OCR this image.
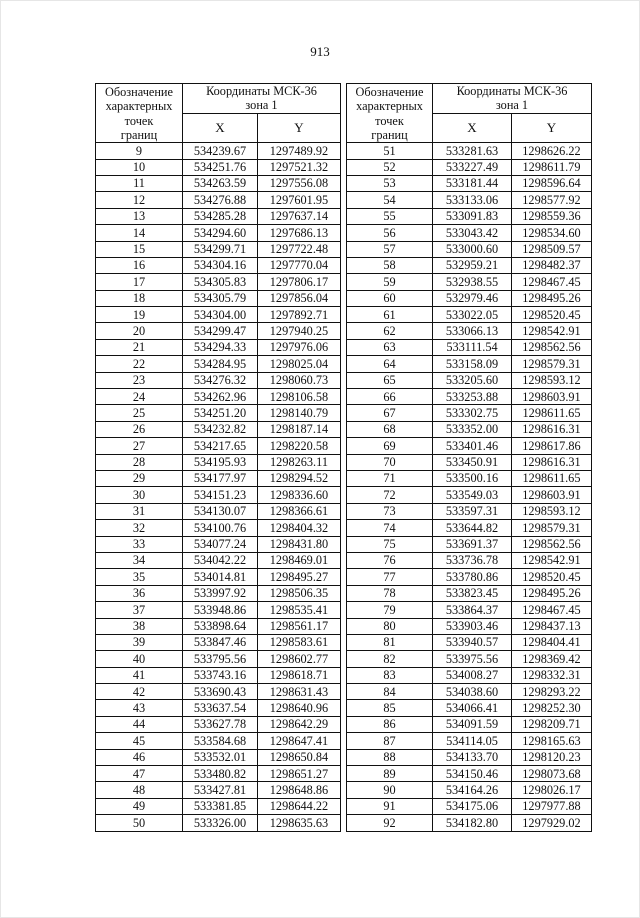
913
Обозначение
характерных
точек
границ	Координаты МСК-36
зона 1			Обозначение
характерных
точек
границ	Координаты МСК-36
зона 1	

	X	Y			X	Y
9	534239.67	1297489.92		51	533281.63	1298626.22
10	534251.76	1297521.32		52	533227.49	1298611.79
11	534263.59	1297556.08		53	533181.44	1298596.64
12	534276.88	1297601.95		54	533133.06	1298577.92
13	534285.28	1297637.14		55	533091.83	1298559.36
14	534294.60	1297686.13		56	533043.42	1298534.60
15	534299.71	1297722.48		57	533000.60	1298509.57
16	534304.16	1297770.04		58	532959.21	1298482.37
17	534305.83	1297806.17		59	532938.55	1298467.45
18	534305.79	1297856.04		60	532979.46	1298495.26
19	534304.00	1297892.71		61	533022.05	1298520.45
20	534299.47	1297940.25		62	533066.13	1298542.91
21	534294.33	1297976.06		63	533111.54	1298562.56
22	534284.95	1298025.04		64	533158.09	1298579.31
23	534276.32	1298060.73		65	533205.60	1298593.12
24	534262.96	1298106.58		66	533253.88	1298603.91
25	534251.20	1298140.79		67	533302.75	1298611.65
26	534232.82	1298187.14		68	533352.00	1298616.31
27	534217.65	1298220.58		69	533401.46	1298617.86
28	534195.93	1298263.11		70	533450.91	1298616.31
29	534177.97	1298294.52		71	533500.16	1298611.65
30	534151.23	1298336.60		72	533549.03	1298603.91
31	534130.07	1298366.61		73	533597.31	1298593.12
32	534100.76	1298404.32		74	533644.82	1298579.31
33	534077.24	1298431.80		75	533691.37	1298562.56
34	534042.22	1298469.01		76	533736.78	1298542.91
35	534014.81	1298495.27		77	533780.86	1298520.45
36	533997.92	1298506.35		78	533823.45	1298495.26
37	533948.86	1298535.41		79	533864.37	1298467.45
38	533898.64	1298561.17		80	533903.46	1298437.13
39	533847.46	1298583.61		81	533940.57	1298404.41
40	533795.56	1298602.77		82	533975.56	1298369.42
41	533743.16	1298618.71		83	534008.27	1298332.31
42	533690.43	1298631.43		84	534038.60	1298293.22
43	533637.54	1298640.96		85	534066.41	1298252.30
44	533627.78	1298642.29		86	534091.59	1298209.71
45	533584.68	1298647.41		87	534114.05	1298165.63
46	533532.01	1298650.84		88	534133.70	1298120.23
47	533480.82	1298651.27		89	534150.46	1298073.68
48	533427.81	1298648.86		90	534164.26	1298026.17
49	533381.85	1298644.22		91	534175.06	1297977.88
50	533326.00	1298635.63		92	534182.80	1297929.02
